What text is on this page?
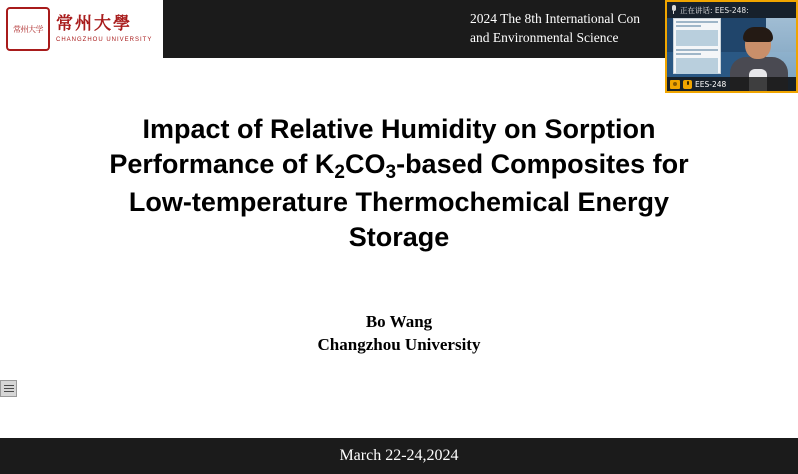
常州大学 常州大學
CHANGZHOU UNIVERSITY
2024 The 8th International Con
and Environmental Science
Impact of Relative Humidity on Sorption
Performance of $K_2CO_3$-based Composites for
Low-temperature Thermochemical Energy
Storage
Bo Wang
Changzhou University
March 22-24,2024
正在讲话: EES-248:
EES-248
